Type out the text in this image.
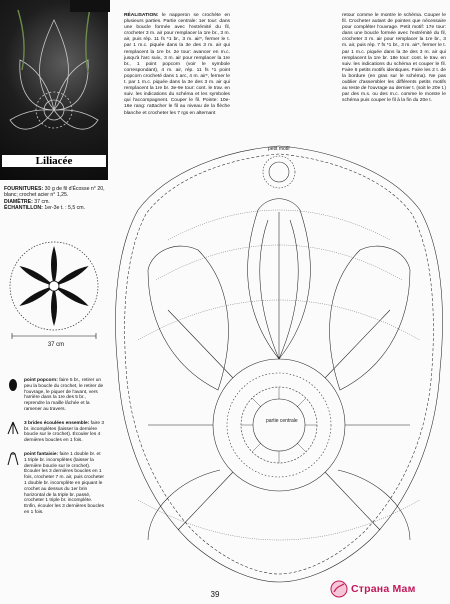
Liliacée
FOURNITURES: 30 g de fil d'Écosse n° 20, blanc; crochet acier n° 1,25.
DIAMÈTRE: 37 cm.
ÉCHANTILLON: 1er-3e t. : 5,5 cm.
37 cm
point popcorn: faire 5 br., retirer un peu la boucle du crochet, le retirer de l'ouvrage, le piquer de l'avant, vers l'arrière dans la 1re des 5 br., reprendre la maille lâchée et la ramener au travers.
3 brides écoulées ensemble: faire 3 br. incomplètes (laisser la dernière boucle sur le crochet). Écouler les 4 dernières boucles en 1 fois.
point fantaisie: faire 1 double br. et 1 triple br. incomplètes (laisser la dernière boucle sur le crochet). Écouler les 3 dernières boucles en 1 fois, crocheter 7 m. air, puis crocheter 1 double br. incomplète en piquant le crochet au dessus du 1er brin horizontal de la triple br. passé, crocheter 1 triple br. incomplète. Enfin, écouler les 3 dernières boucles en 1 fois.
RÉALISATION: le napperon se crochète en plusieurs parties. Partie centrale: 1er tour: dans une boucle formée avec l'extrémité du fil, crocheter 3 m. air pour remplacer la 1re br., 3 m. air, puis rép. 11 fs *1 br., 3 m. air*, fermer le t. par 1 m.c. piquée dans la 3e des 3 m. air qui remplacent la 1re br. 2e tour: avancer en m.c. jusqu'à l'arc suiv., 3 m. air pour remplacer la 1re br., 1 point popcorn (voir le symbole correspondant), 4 m. air, rép. 11 fs *1 point popcorn crocheté dans 1 arc, 4 m. air*, fermer le t. par 1 m.c. piquée dans la 3e des 3 m. air qui remplacent la 1re br. 3e-9e tour: cont. le trav. en suiv. les indications du schéma et les symboles qui l'accompagnent. Couper le fil. Pointe: 10e-16e rang: rattacher le fil au niveau de la flèche blanche et crocheter les 7 rgs en alternant
retour comme le montre le schéma. Couper le fil. Crocheter autant de pointes que nécessaire pour compléter l'ouvrage. Petit motif: 17e tour: dans une boucle formée avec l'extrémité du fil, crocheter 3 m. air pour remplacer la 1re br., 3 m. air, puis rép. 7 fs *1 br., 3 m. air*, fermer le t. par 1 m.c. piquée dans la 3e des 3 m. air qui remplacent la 1re br. 18e tour: cont. le trav. en suiv. les indications du schéma et couper le fil. Faire 6 petits motifs identiques. Faire les 2 t. de la bordure (en gras sur le schéma). Ne pas oublier d'assembler les différents petits motifs au reste de l'ouvrage au dernier t. (soit le 20e t.) par des m.s. ou des m.c. comme le montre le schéma puis couper le fil à la fin du 20e t.
petit motif
partie centrale
39	Страна Мам
